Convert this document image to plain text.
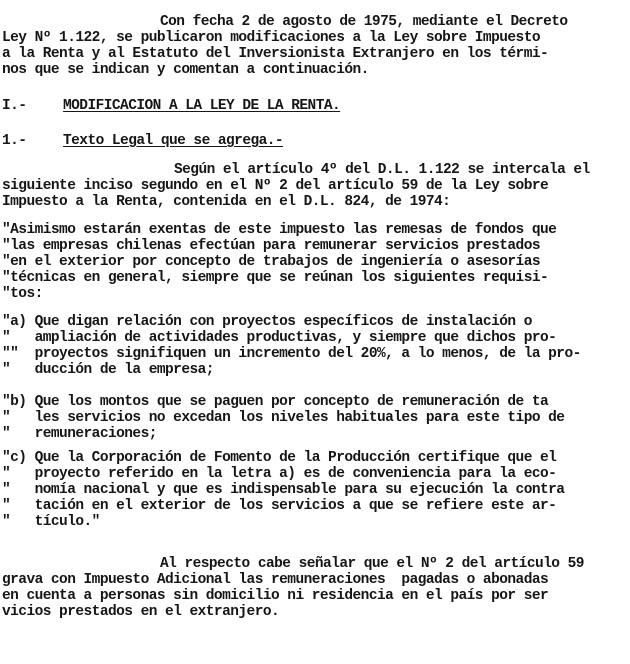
Con fecha 2 de agosto de 1975, mediante el Decreto
Ley Nº 1.122, se publicaron modificaciones a la Ley sobre Impuesto
a la Renta y al Estatuto del Inversionista Extranjero en los térmi-
nos que se indican y comentan a continuación.
I.-	MODIFICACION A LA LEY DE LA RENTA.
1.-	Texto Legal que se agrega.-
Según el artículo 4º del D.L. 1.122 se intercala el
siguiente inciso segundo en el Nº 2 del artículo 59 de la Ley sobre
Impuesto a la Renta, contenida en el D.L. 824, de 1974:
"Asimismo estarán exentas de este impuesto las remesas de fondos que
"las empresas chilenas efectúan para remunerar servicios prestados
"en el exterior por concepto de trabajos de ingeniería o asesorías
"técnicas en general, siempre que se reúnan los siguientes requisi-
"tos:
"a) Que digan relación con proyectos específicos de instalación o
"   ampliación de actividades productivas, y siempre que dichos pro-
""  proyectos signifiquen un incremento del 20%, a lo menos, de la pro-
"   ducción de la empresa;
"b) Que los montos que se paguen por concepto de remuneración de ta
"   les servicios no excedan los niveles habituales para este tipo de
"   remuneraciones;
"c) Que la Corporación de Fomento de la Producción certifique que el
"   proyecto referido en la letra a) es de conveniencia para la eco-
"   nomía nacional y que es indispensable para su ejecución la contra
"   tación en el exterior de los servicios a que se refiere este ar-
"   tículo."
Al respecto cabe señalar que el Nº 2 del artículo 59
grava con Impuesto Adicional las remuneraciones  pagadas o abonadas
en cuenta a personas sin domicilio ni residencia en el país por ser
vicios prestados en el extranjero.
